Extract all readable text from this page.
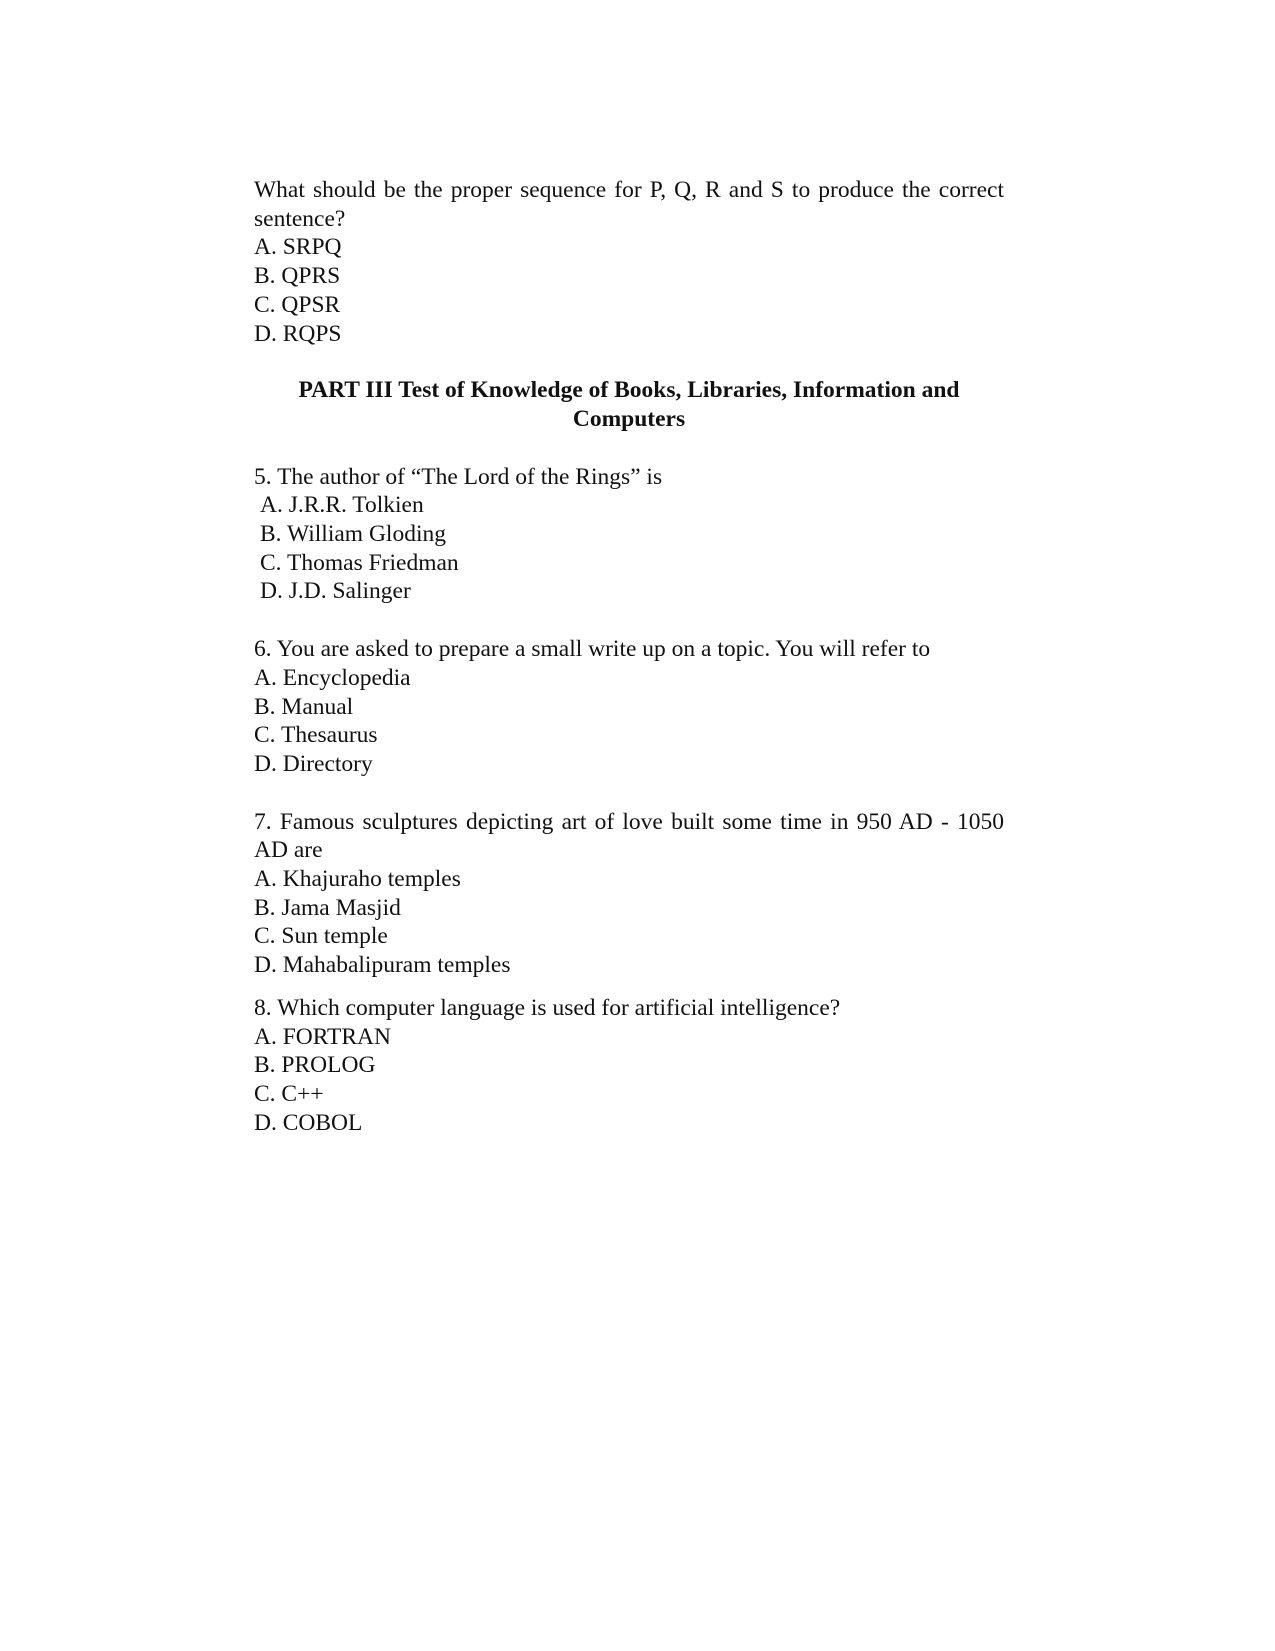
What should be the proper sequence for P, Q, R and S to produce the correct sentence?
A. SRPQ
B. QPRS
C. QPSR
D. RQPS
PART III Test of Knowledge of Books, Libraries, Information and
Computers
5. The author of “The Lord of the Rings” is
A. J.R.R. Tolkien
B. William Gloding
C. Thomas Friedman
D. J.D. Salinger
6. You are asked to prepare a small write up on a topic. You will refer to
A. Encyclopedia
B. Manual
C. Thesaurus
D. Directory
7. Famous sculptures depicting art of love built some time in 950 AD - 1050 AD are
A. Khajuraho temples
B. Jama Masjid
C. Sun temple
D. Mahabalipuram temples
8. Which computer language is used for artificial intelligence?
A. FORTRAN
B. PROLOG
C. C++
D. COBOL
